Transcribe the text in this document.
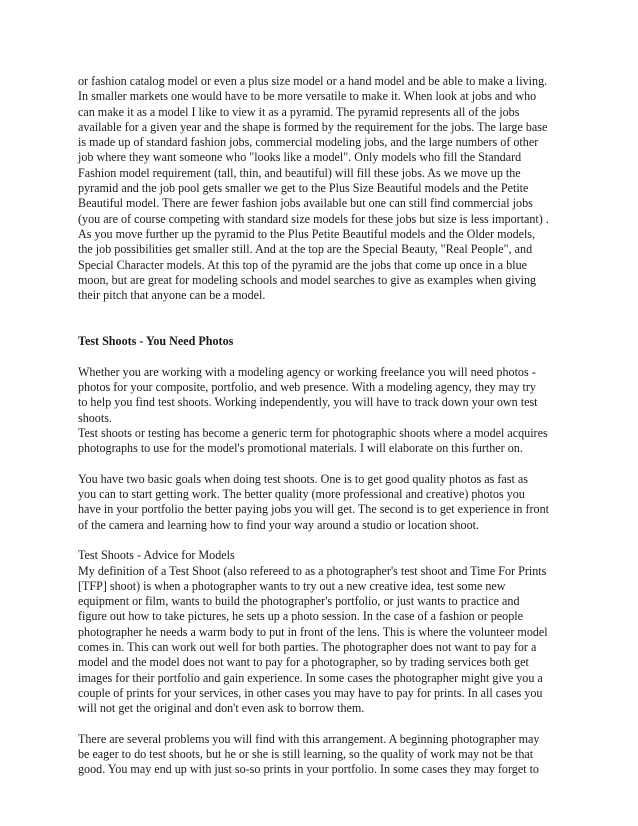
or fashion catalog model or even a plus size model or a hand model and be able to make a living.
In smaller markets one would have to be more versatile to make it. When look at jobs and who
can make it as a model I like to view it as a pyramid. The pyramid represents all of the jobs
available for a given year and the shape is formed by the requirement for the jobs. The large base
is made up of standard fashion jobs, commercial modeling jobs, and the large numbers of other
job where they want someone who "looks like a model". Only models who fill the Standard
Fashion model requirement (tall, thin, and beautiful) will fill these jobs. As we move up the
pyramid and the job pool gets smaller we get to the Plus Size Beautiful models and the Petite
Beautiful model. There are fewer fashion jobs available but one can still find commercial jobs
(you are of course competing with standard size models for these jobs but size is less important) .
As you move further up the pyramid to the Plus Petite Beautiful models and the Older models,
the job possibilities get smaller still. And at the top are the Special Beauty, "Real People", and
Special Character models. At this top of the pyramid are the jobs that come up once in a blue
moon, but are great for modeling schools and model searches to give as examples when giving
their pitch that anyone can be a model.

Test Shoots - You Need Photos

Whether you are working with a modeling agency or working freelance you will need photos -
photos for your composite, portfolio, and web presence. With a modeling agency, they may try
to help you find test shoots. Working independently, you will have to track down your own test
shoots.
Test shoots or testing has become a generic term for photographic shoots where a model acquires
photographs to use for the model's promotional materials. I will elaborate on this further on.

You have two basic goals when doing test shoots. One is to get good quality photos as fast as
you can to start getting work. The better quality (more professional and creative) photos you
have in your portfolio the better paying jobs you will get. The second is to get experience in front
of the camera and learning how to find your way around a studio or location shoot.

Test Shoots - Advice for Models
My definition of a Test Shoot (also refereed to as a photographer's test shoot and Time For Prints
[TFP] shoot) is when a photographer wants to try out a new creative idea, test some new
equipment or film, wants to build the photographer's portfolio, or just wants to practice and
figure out how to take pictures, he sets up a photo session. In the case of a fashion or people
photographer he needs a warm body to put in front of the lens. This is where the volunteer model
comes in. This can work out well for both parties. The photographer does not want to pay for a
model and the model does not want to pay for a photographer, so by trading services both get
images for their portfolio and gain experience. In some cases the photographer might give you a
couple of prints for your services, in other cases you may have to pay for prints. In all cases you
will not get the original and don't even ask to borrow them.

There are several problems you will find with this arrangement. A beginning photographer may
be eager to do test shoots, but he or she is still learning, so the quality of work may not be that
good. You may end up with just so-so prints in your portfolio. In some cases they may forget to
